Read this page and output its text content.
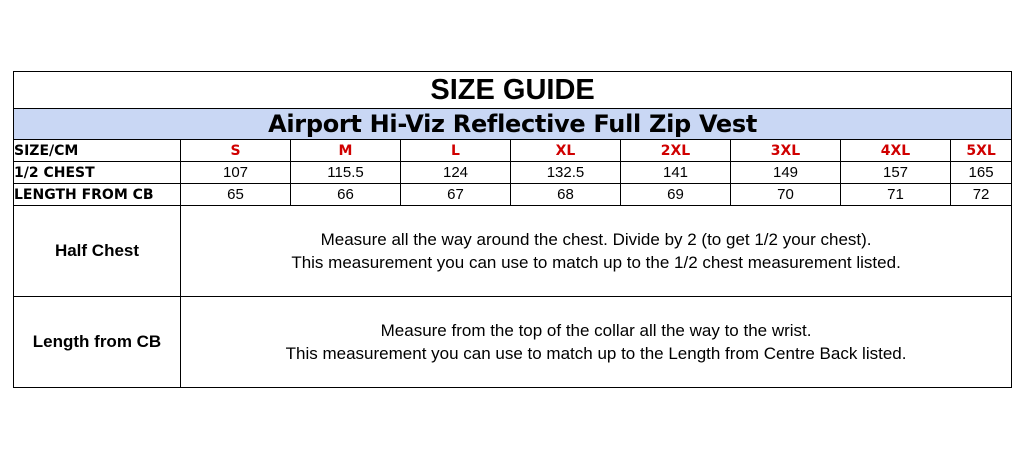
SIZE GUIDE								
Airport Hi-Viz Reflective Full Zip Vest								
SIZE/CM	S	M	L	XL	2XL	3XL	4XL	5XL
1/2 CHEST	107	115.5	124	132.5	141	149	157	165
LENGTH FROM CB	65	66	67	68	69	70	71	72
Half Chest	Measure all the way around the chest. Divide by 2 (to get 1/2 your chest).
This measurement you can use to match up to the 1/2 chest measurement listed.							

Length from CB	Measure from the top of the collar all the way to the wrist.
This measurement you can use to match up to the Length from Centre Back listed.							
